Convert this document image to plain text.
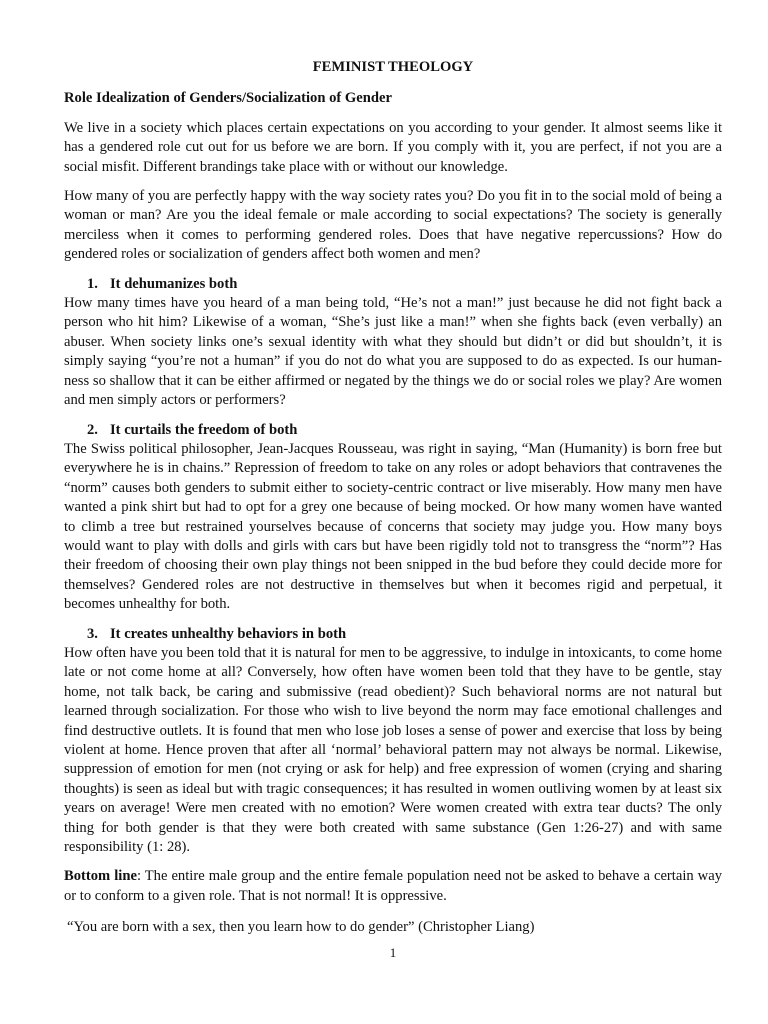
FEMINIST THEOLOGY
Role Idealization of Genders/Socialization of Gender

We live in a society which places certain expectations on you according to your gender. It almost seems like it has a gendered role cut out for us before we are born. If you comply with it, you are perfect, if not you are a social misfit. Different brandings take place with or without our knowledge.

How many of you are perfectly happy with the way society rates you? Do you fit in to the social mold of being a woman or man? Are you the ideal female or male according to social expectations? The society is generally merciless when it comes to performing gendered roles. Does that have negative repercussions? How do gendered roles or socialization of genders affect both women and men?

1. It dehumanizes both
How many times have you heard of a man being told, “He’s not a man!” just because he did not fight back a person who hit him? Likewise of a woman, “She’s just like a man!” when she fights back (even verbally) an abuser. When society links one’s sexual identity with what they should but didn’t or did but shouldn’t, it is simply saying “you’re not a human” if you do not do what you are supposed to do as expected. Is our human-ness so shallow that it can be either affirmed or negated by the things we do or social roles we play? Are women and men simply actors or performers?
2. It curtails the freedom of both
The Swiss political philosopher, Jean-Jacques Rousseau, was right in saying, “Man (Humanity) is born free but everywhere he is in chains.” Repression of freedom to take on any roles or adopt behaviors that contravenes the “norm” causes both genders to submit either to society-centric contract or live miserably. How many men have wanted a pink shirt but had to opt for a grey one because of being mocked. Or how many women have wanted to climb a tree but restrained yourselves because of concerns that society may judge you. How many boys would want to play with dolls and girls with cars but have been rigidly told not to transgress the “norm”? Has their freedom of choosing their own play things not been snipped in the bud before they could decide more for themselves? Gendered roles are not destructive in themselves but when it becomes rigid and perpetual, it becomes unhealthy for both.
3. It creates unhealthy behaviors in both
How often have you been told that it is natural for men to be aggressive, to indulge in intoxicants, to come home late or not come home at all? Conversely, how often have women been told that they have to be gentle, stay home, not talk back, be caring and submissive (read obedient)? Such behavioral norms are not natural but learned through socialization. For those who wish to live beyond the norm may face emotional challenges and find destructive outlets. It is found that men who lose job loses a sense of power and exercise that loss by being violent at home. Hence proven that after all ‘normal’ behavioral pattern may not always be normal. Likewise, suppression of emotion for men (not crying or ask for help) and free expression of women (crying and sharing thoughts) is seen as ideal but with tragic consequences; it has resulted in women outliving women by at least six years on average! Were men created with no emotion? Were women created with extra tear ducts? The only thing for both gender is that they were both created with same substance (Gen 1:26-27) and with same responsibility (1: 28).

Bottom line: The entire male group and the entire female population need not be asked to behave a certain way or to conform to a given role. That is not normal! It is oppressive.

“You are born with a sex, then you learn how to do gender” (Christopher Liang)
1
